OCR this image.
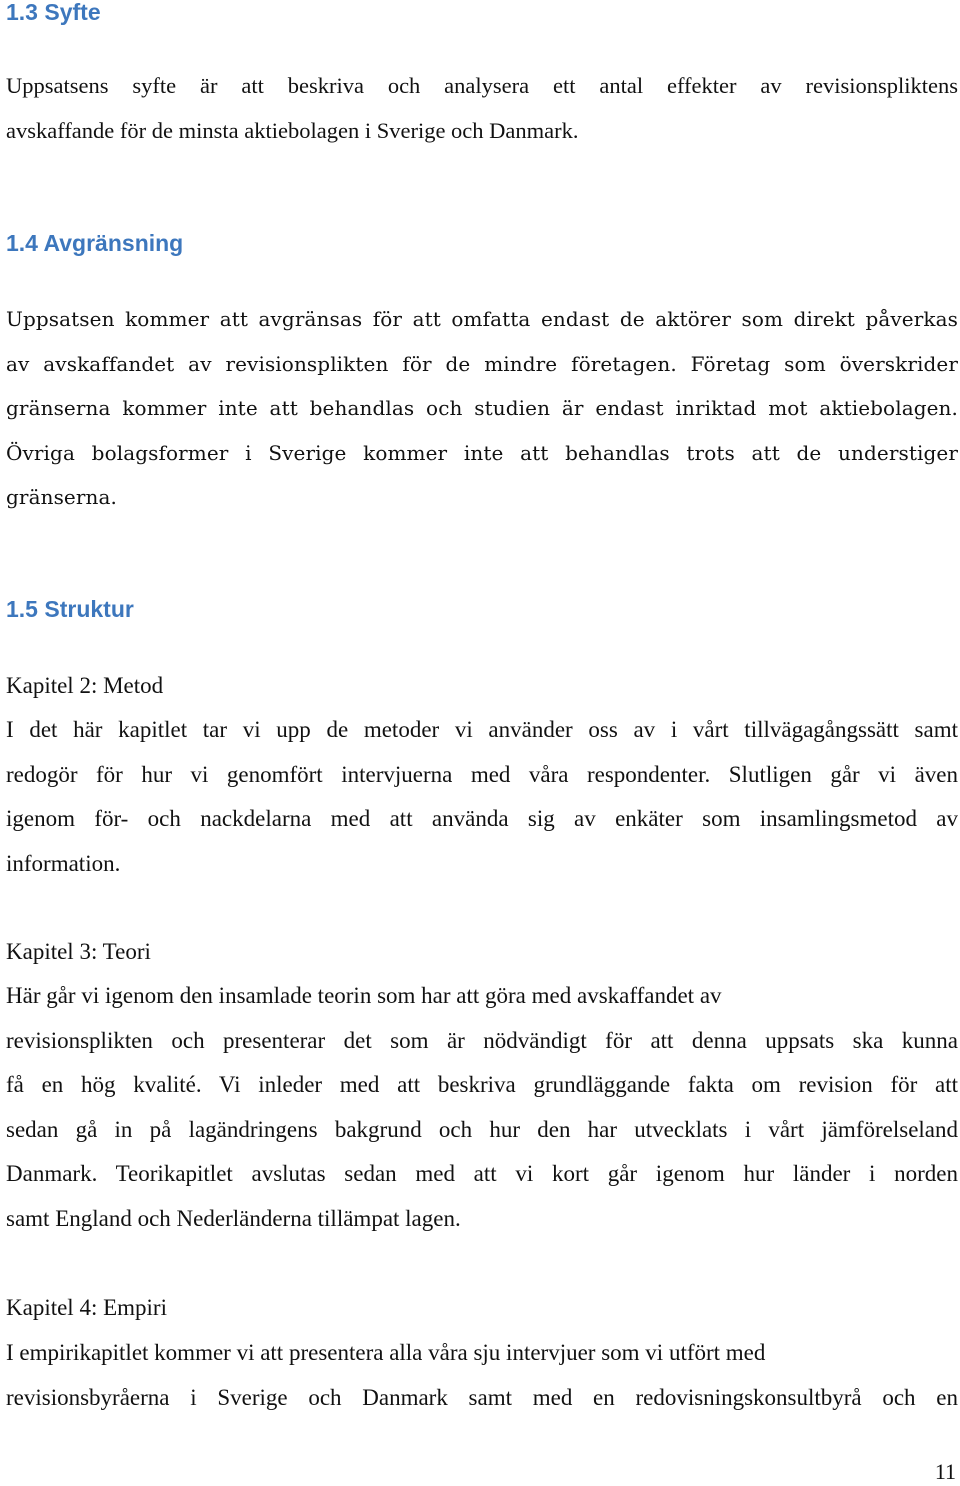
1.3 Syfte

Uppsatsens syfte är att beskriva och analysera ett antal effekter av revisionspliktens
avskaffande för de minsta aktiebolagen i Sverige och Danmark.

1.4 Avgränsning

Uppsatsen kommer att avgränsas för att omfatta endast de aktörer som direkt påverkas
av avskaffandet av revisionsplikten för de mindre företagen. Företag som överskrider
gränserna kommer inte att behandlas och studien är endast inriktad mot aktiebolagen.
Övriga bolagsformer i Sverige kommer inte att behandlas trots att de understiger
gränserna.

1.5 Struktur
Kapitel 2: Metod

I det här kapitlet tar vi upp de metoder vi använder oss av i vårt tillvägagångssätt samt
redogör för hur vi genomfört intervjuerna med våra respondenter. Slutligen går vi även
igenom för- och nackdelarna med att använda sig av enkäter som insamlingsmetod av
information.

Kapitel 3: Teori

Här går vi igenom den insamlade teorin som har att göra med avskaffandet av
revisionsplikten och presenterar det som är nödvändigt för att denna uppsats ska kunna
få en hög kvalité. Vi inleder med att beskriva grundläggande fakta om revision för att
sedan gå in på lagändringens bakgrund och hur den har utvecklats i vårt jämförelseland
Danmark. Teorikapitlet avslutas sedan med att vi kort går igenom hur länder i norden
samt England och Nederländerna tillämpat lagen.

Kapitel 4: Empiri

I empirikapitlet kommer vi att presentera alla våra sju intervjuer som vi utfört med
revisionsbyråerna i Sverige och Danmark samt med en redovisningskonsultbyrå och en

11
